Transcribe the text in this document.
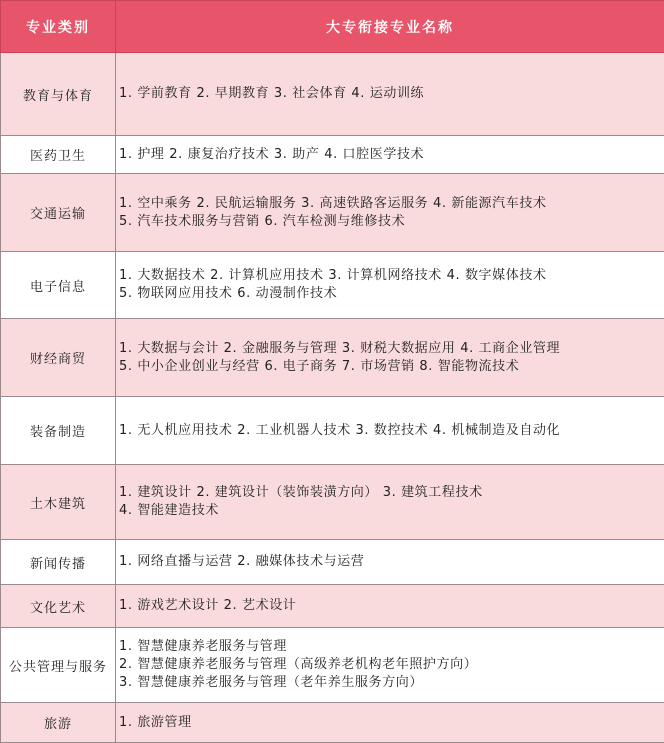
专业类别	大专衔接专业名称
教育与体育	1. 学前教育 2. 早期教育 3. 社会体育 4. 运动训练

医药卫生	1. 护理 2. 康复治疗技术 3. 助产 4. 口腔医学技术

交通运输	1. 空中乘务 2. 民航运输服务 3. 高速铁路客运服务 4. 新能源汽车技术
5. 汽车技术服务与营销 6. 汽车检测与维修技术

电子信息	1. 大数据技术 2. 计算机应用技术 3. 计算机网络技术 4. 数字媒体技术
5. 物联网应用技术 6. 动漫制作技术

财经商贸	1. 大数据与会计 2. 金融服务与管理 3. 财税大数据应用 4. 工商企业管理
5. 中小企业创业与经营 6. 电子商务 7. 市场营销 8. 智能物流技术

装备制造	1. 无人机应用技术 2. 工业机器人技术 3. 数控技术 4. 机械制造及自动化

土木建筑	1. 建筑设计 2. 建筑设计（装饰装潢方向） 3. 建筑工程技术
4. 智能建造技术

新闻传播	1. 网络直播与运营 2. 融媒体技术与运营

文化艺术	1. 游戏艺术设计 2. 艺术设计

公共管理与服务	1. 智慧健康养老服务与管理
2. 智慧健康养老服务与管理（高级养老机构老年照护方向）
3. 智慧健康养老服务与管理（老年养生服务方向）

旅游	1. 旅游管理
